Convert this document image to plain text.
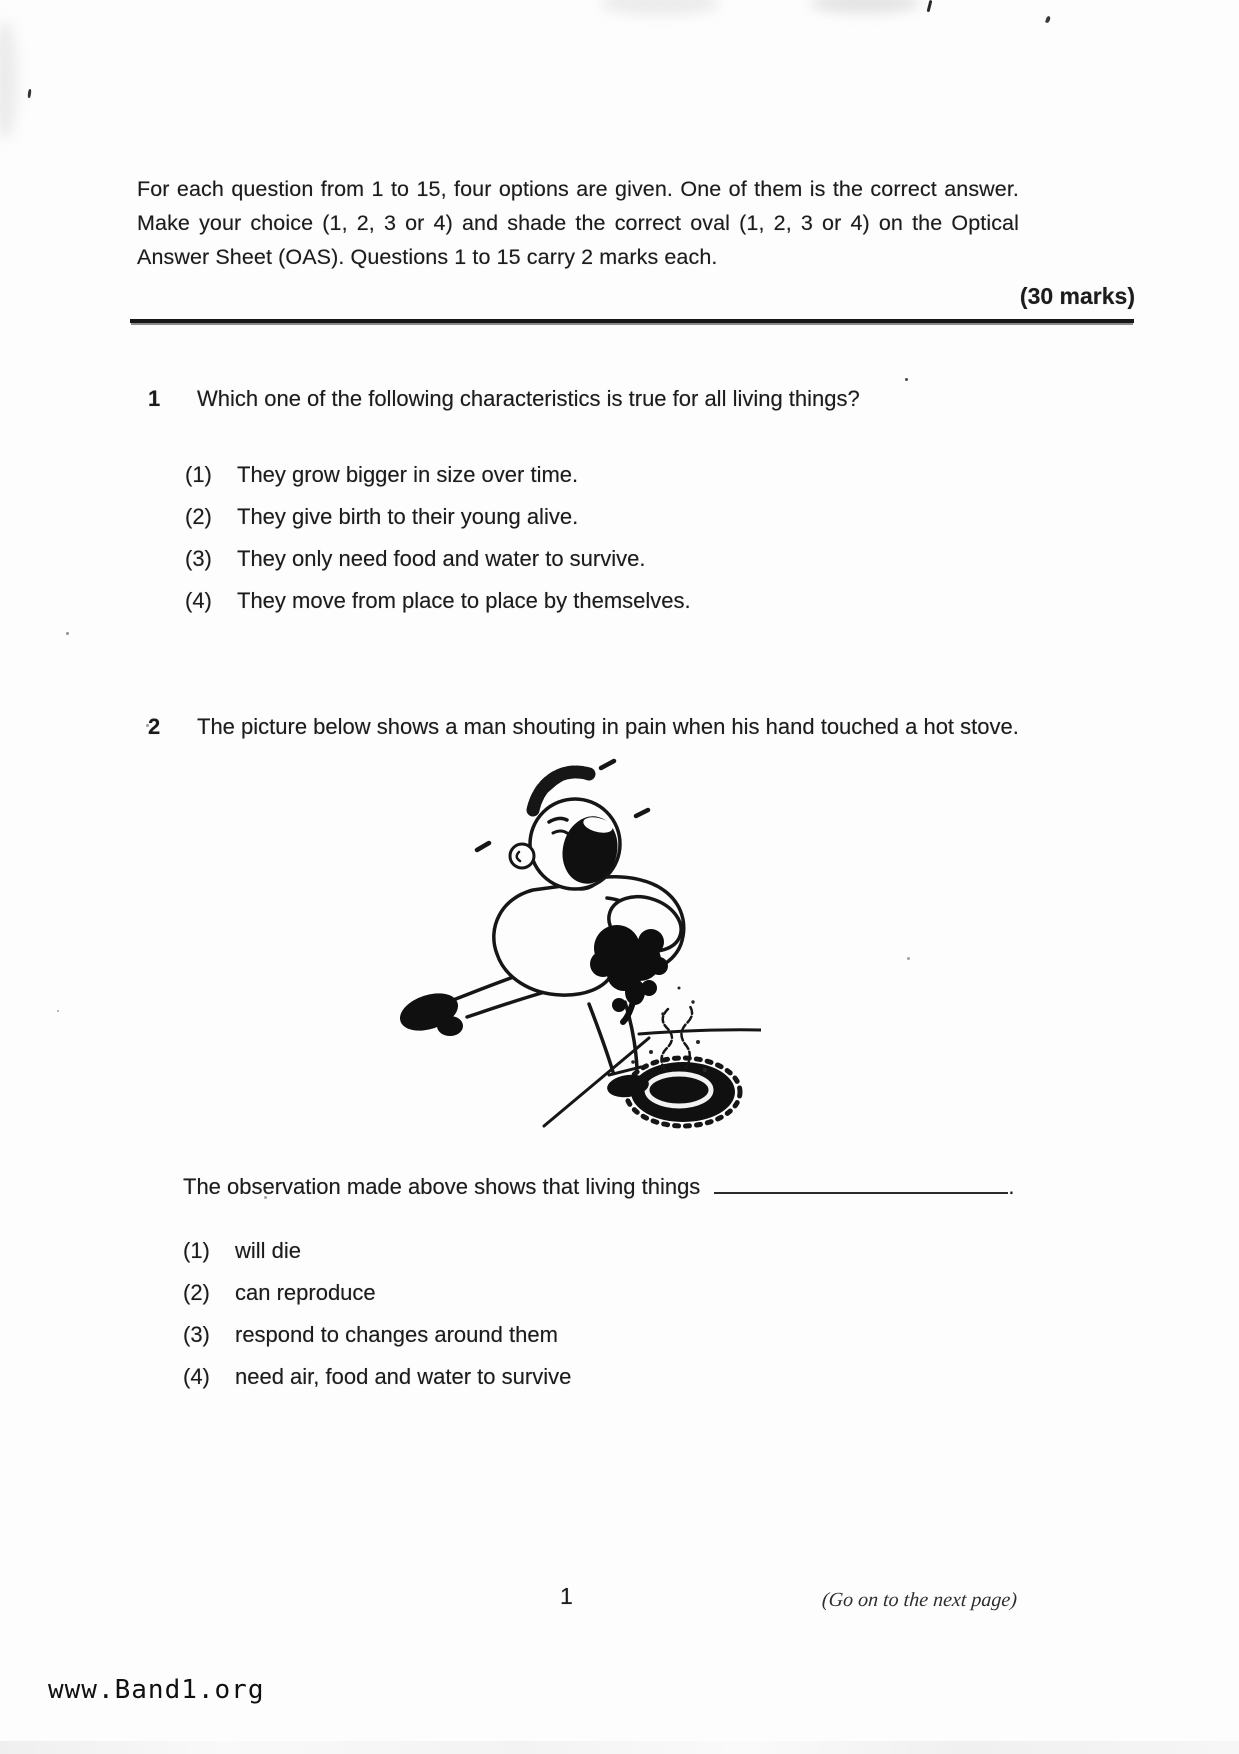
For each question from 1 to 15, four options are given. One of them is the correct answer. Make your choice (1, 2, 3 or 4) and shade the correct oval (1, 2, 3 or 4) on the Optical Answer Sheet (OAS). Questions 1 to 15 carry 2 marks each.
(30 marks)
1	Which one of the following characteristics is true for all living things?
(1)	They grow bigger in size over time.
(2)	They give birth to their young alive.
(3)	They only need food and water to survive.
(4)	They move from place to place by themselves.
2	The picture below shows a man shouting in pain when his hand touched a hot stove.
The observation made above shows that living things	.
(1)	will die
(2)	can reproduce
(3)	respond to changes around them
(4)	need air, food and water to survive
1	(Go on to the next page)
www.Band1.org
